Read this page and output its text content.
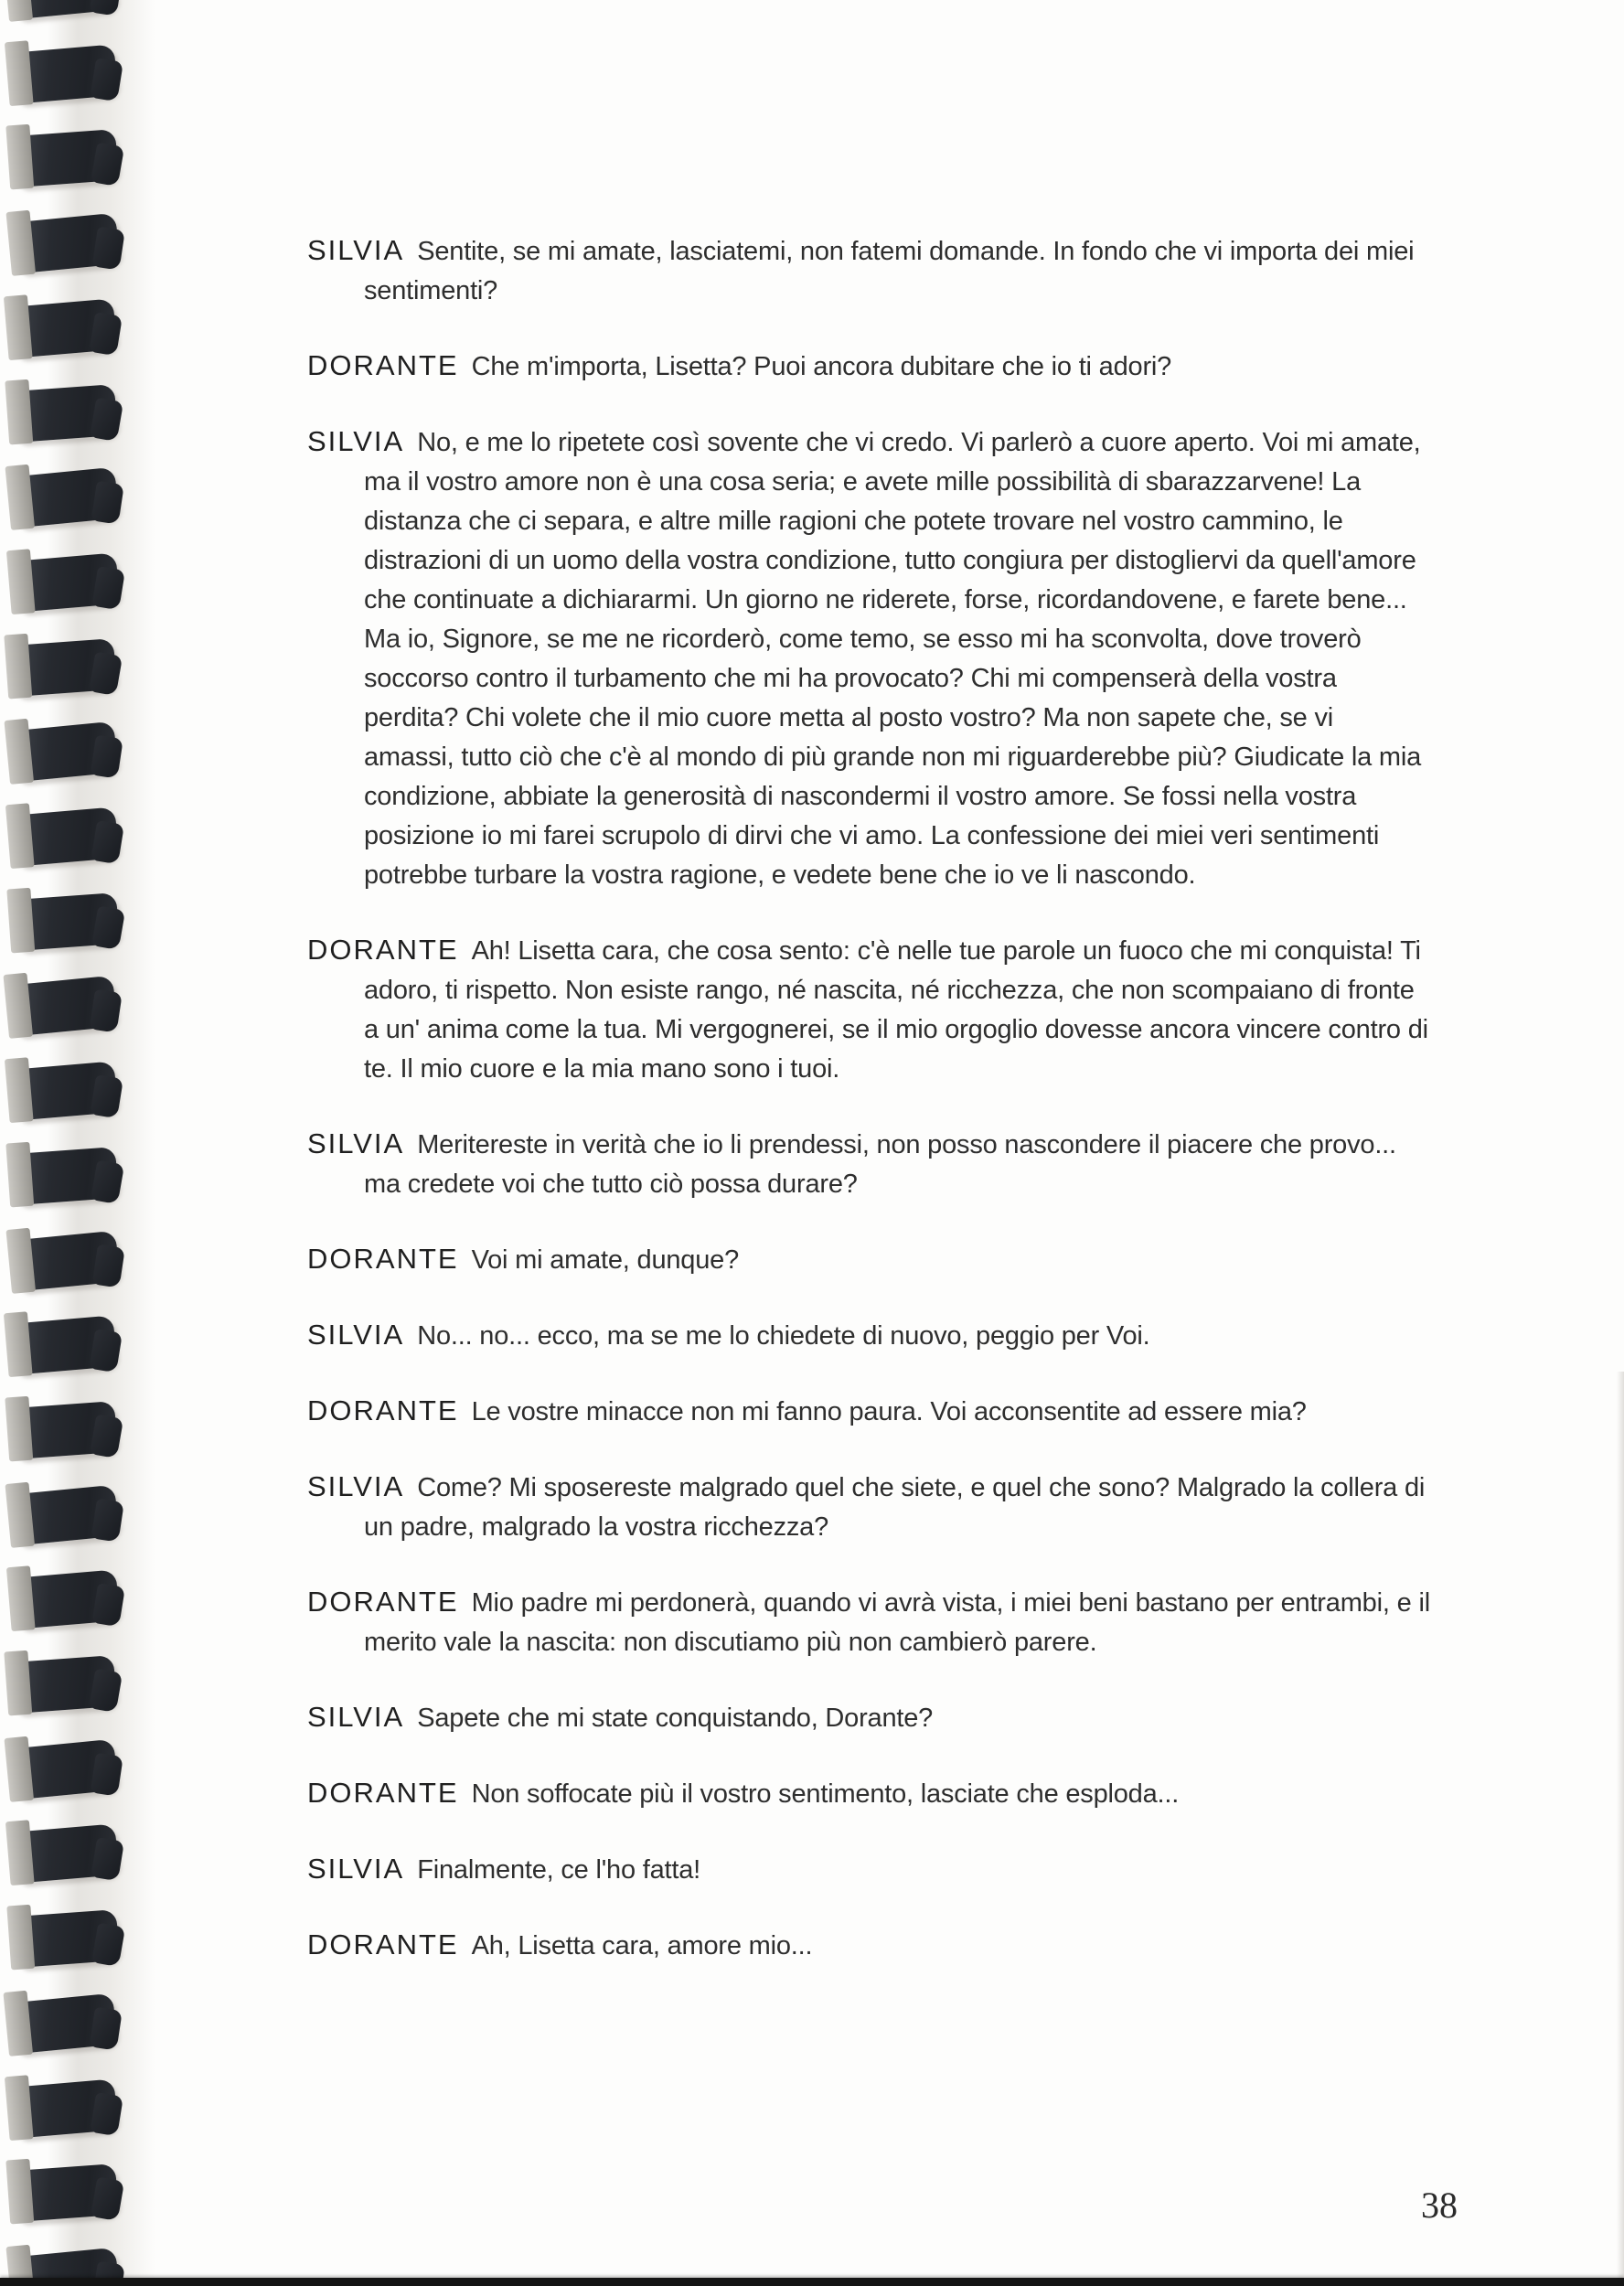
SILVIA Sentite, se mi amate, lasciatemi, non fatemi domande. In fondo che vi importa dei miei sentimenti?

DORANTE Che m'importa, Lisetta? Puoi ancora dubitare che io ti adori?

SILVIA No, e me lo ripetete così sovente che vi credo. Vi parlerò a cuore aperto. Voi mi amate, ma il vostro amore non è una cosa seria; e avete mille possibilità di sbarazzarvene! La distanza che ci separa, e altre mille ragioni che potete trovare nel vostro cammino, le distrazioni di un uomo della vostra condizione, tutto congiura per distogliervi da quell'amore che continuate a dichiararmi. Un giorno ne riderete, forse, ricordandovene, e farete bene... Ma io, Signore, se me ne ricorderò, come temo, se esso mi ha sconvolta, dove troverò soccorso contro il turbamento che mi ha provocato? Chi mi compenserà della vostra perdita? Chi volete che il mio cuore metta al posto vostro? Ma non sapete che, se vi amassi, tutto ciò che c'è al mondo di più grande non mi riguarderebbe più? Giudicate la mia condizione, abbiate la generosità di nascondermi il vostro amore. Se fossi nella vostra posizione io mi farei scrupolo di dirvi che vi amo. La confessione dei miei veri sentimenti potrebbe turbare la vostra ragione, e vedete bene che io ve li nascondo.

DORANTE Ah! Lisetta cara, che cosa sento: c'è nelle tue parole un fuoco che mi conquista! Ti adoro, ti rispetto. Non esiste rango, né nascita, né ricchezza, che non scompaiano di fronte a un' anima come la tua. Mi vergognerei, se il mio orgoglio dovesse ancora vincere contro di te. Il mio cuore e la mia mano sono i tuoi.

SILVIA Meritereste in verità che io li prendessi, non posso nascondere il piacere che provo... ma credete voi che tutto ciò possa durare?

DORANTE Voi mi amate, dunque?

SILVIA No... no... ecco, ma se me lo chiedete di nuovo, peggio per Voi.

DORANTE Le vostre minacce non mi fanno paura. Voi acconsentite ad essere mia?

SILVIA Come? Mi sposereste malgrado quel che siete, e quel che sono? Malgrado la collera di un padre, malgrado la vostra ricchezza?

DORANTE Mio padre mi perdonerà, quando vi avrà vista, i miei beni bastano per entrambi, e il merito vale la nascita: non discutiamo più non cambierò parere.

SILVIA Sapete che mi state conquistando, Dorante?

DORANTE Non soffocate più il vostro sentimento, lasciate che esploda...

SILVIA Finalmente, ce l'ho fatta!

DORANTE Ah, Lisetta cara, amore mio...

38
